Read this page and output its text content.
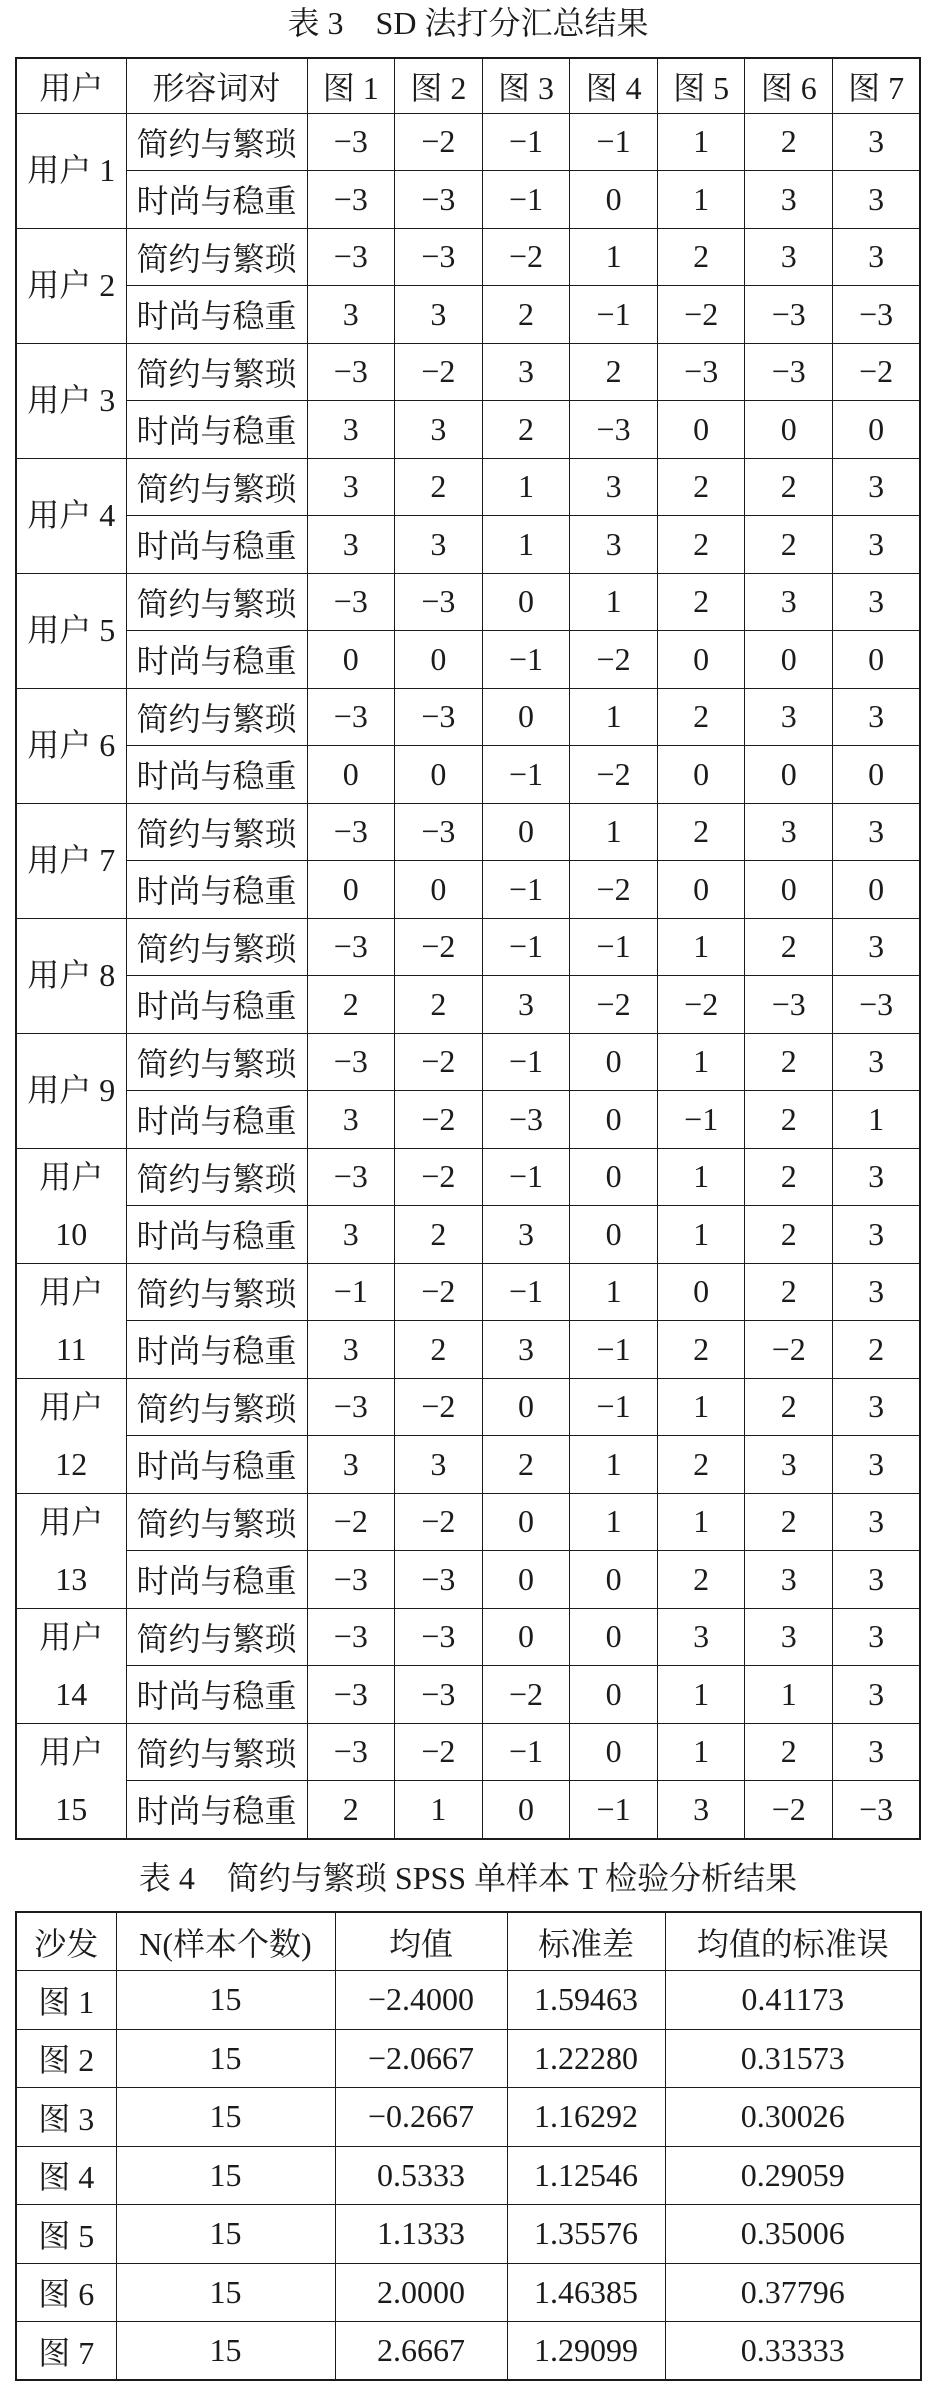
表 3　SD 法打分汇总结果
用户	形容词对	图 1	图 2	图 3	图 4	图 5	图 6	图 7
用户 1	简约与繁琐	−3	−2	−1	−1	1	2	3
	时尚与稳重	−3	−3	−1	0	1	3	3
用户 2	简约与繁琐	−3	−3	−2	1	2	3	3
	时尚与稳重	3	3	2	−1	−2	−3	−3
用户 3	简约与繁琐	−3	−2	3	2	−3	−3	−2
	时尚与稳重	3	3	2	−3	0	0	0
用户 4	简约与繁琐	3	2	1	3	2	2	3
	时尚与稳重	3	3	1	3	2	2	3
用户 5	简约与繁琐	−3	−3	0	1	2	3	3
	时尚与稳重	0	0	−1	−2	0	0	0
用户 6	简约与繁琐	−3	−3	0	1	2	3	3
	时尚与稳重	0	0	−1	−2	0	0	0
用户 7	简约与繁琐	−3	−3	0	1	2	3	3
	时尚与稳重	0	0	−1	−2	0	0	0
用户 8	简约与繁琐	−3	−2	−1	−1	1	2	3
	时尚与稳重	2	2	3	−2	−2	−3	−3
用户 9	简约与繁琐	−3	−2	−1	0	1	2	3
	时尚与稳重	3	−2	−3	0	−1	2	1
用户 10	简约与繁琐	−3	−2	−1	0	1	2	3
	时尚与稳重	3	2	3	0	1	2	3
用户 11	简约与繁琐	−1	−2	−1	1	0	2	3
	时尚与稳重	3	2	3	−1	2	−2	2
用户 12	简约与繁琐	−3	−2	0	−1	1	2	3
	时尚与稳重	3	3	2	1	2	3	3
用户 13	简约与繁琐	−2	−2	0	1	1	2	3
	时尚与稳重	−3	−3	0	0	2	3	3
用户 14	简约与繁琐	−3	−3	0	0	3	3	3
	时尚与稳重	−3	−3	−2	0	1	1	3
用户 15	简约与繁琐	−3	−2	−1	0	1	2	3
	时尚与稳重	2	1	0	−1	3	−2	−3
表 4　简约与繁琐 SPSS 单样本 T 检验分析结果
沙发	N(样本个数)	均值	标准差	均值的标准误
图 1	15	−2.4000	1.59463	0.41173
图 2	15	−2.0667	1.22280	0.31573
图 3	15	−0.2667	1.16292	0.30026
图 4	15	0.5333	1.12546	0.29059
图 5	15	1.1333	1.35576	0.35006
图 6	15	2.0000	1.46385	0.37796
图 7	15	2.6667	1.29099	0.33333
